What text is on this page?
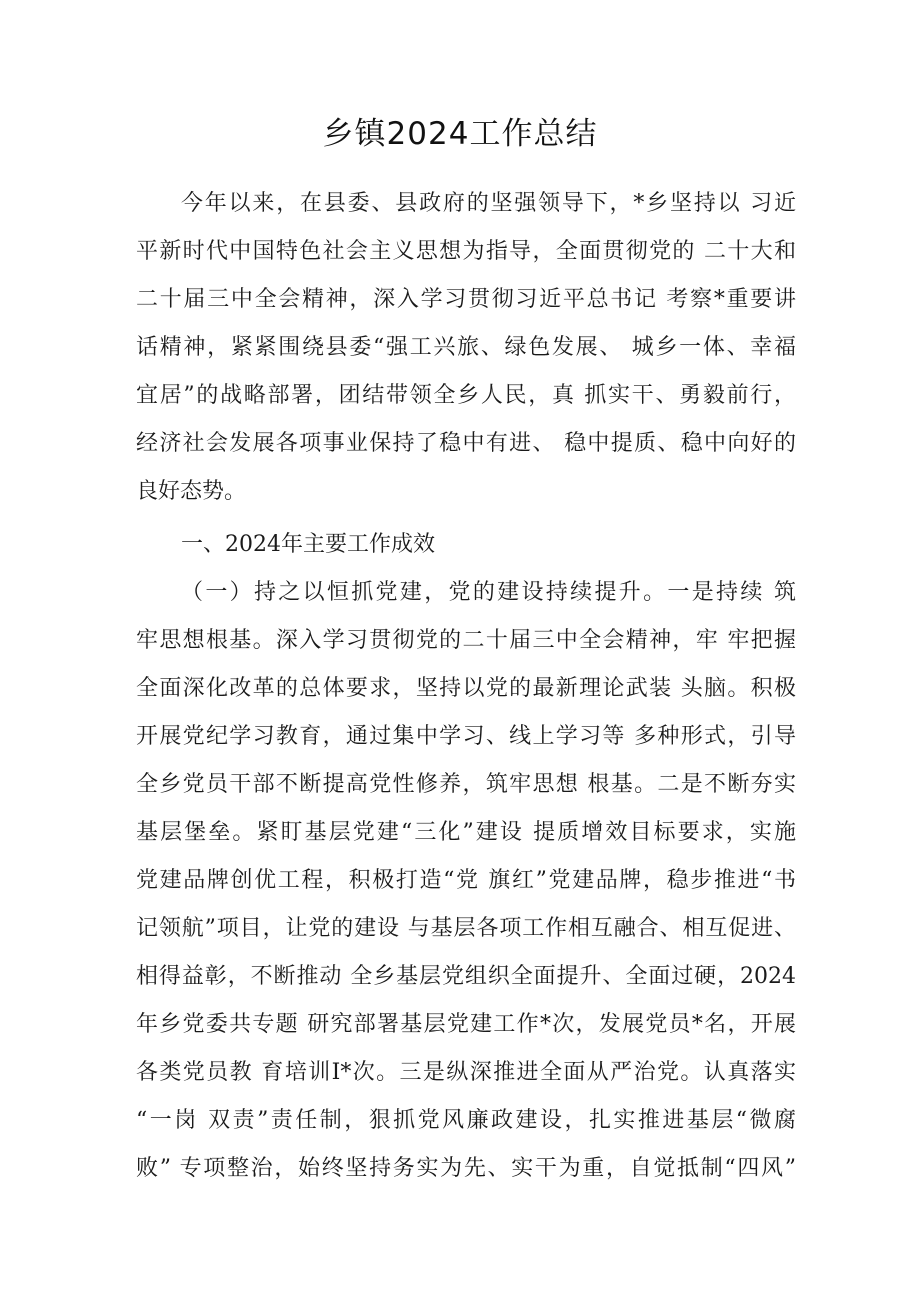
乡镇2024工作总结
今年以来，在县委、县政府的坚强领导下，*乡坚持以 习近
平新时代中国特色社会主义思想为指导，全面贯彻党的 二十大和
二十届三中全会精神，深入学习贯彻习近平总书记 考察*重要讲
话精神，紧紧围绕县委“强工兴旅、绿色发展、 城乡一体、幸福
宜居”的战略部署，团结带领全乡人民，真 抓实干、勇毅前行，
经济社会发展各项事业保持了稳中有进、 稳中提质、稳中向好的
良好态势。
一、2024年主要工作成效
（一）持之以恒抓党建，党的建设持续提升。一是持续 筑
牢思想根基。深入学习贯彻党的二十届三中全会精神，牢 牢把握
全面深化改革的总体要求，坚持以党的最新理论武装 头脑。积极
开展党纪学习教育，通过集中学习、线上学习等 多种形式，引导
全乡党员干部不断提高党性修养，筑牢思想 根基。二是不断夯实
基层堡垒。紧盯基层党建“三化”建设 提质增效目标要求，实施
党建品牌创优工程，积极打造“党 旗红”党建品牌，稳步推进“书
记领航”项目，让党的建设 与基层各项工作相互融合、相互促进、
相得益彰，不断推动 全乡基层党组织全面提升、全面过硬，2024
年乡党委共专题 研究部署基层党建工作*次，发展党员*名，开展
各类党员教 育培训I*次。三是纵深推进全面从严治党。认真落实
“一岗 双责”责任制，狠抓党风廉政建设，扎实推进基层“微腐
败” 专项整治，始终坚持务实为先、实干为重，自觉抵制“四风”
